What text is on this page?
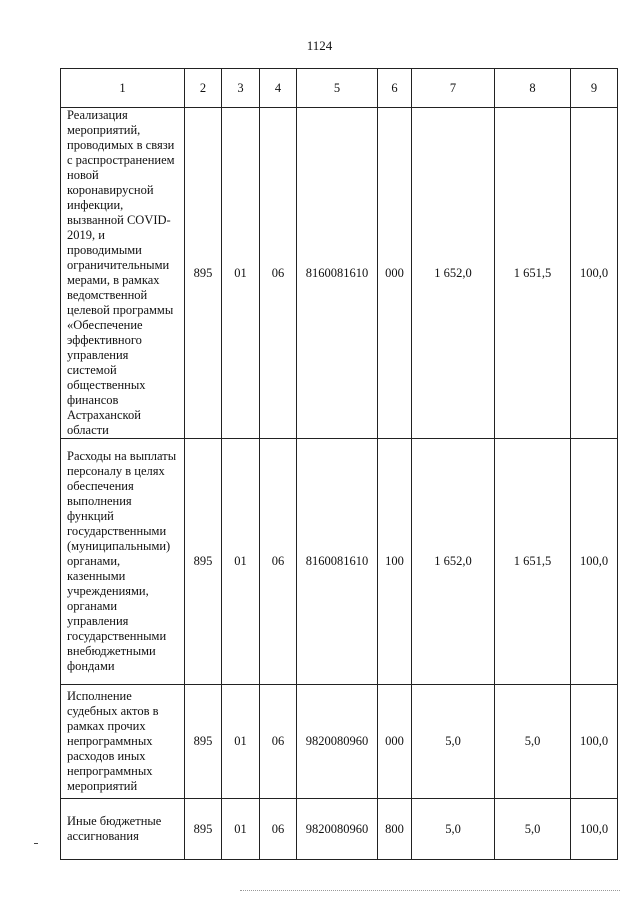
1124
1	2	3	4	5	6	7	8	9
Реализация мероприятий, проводимых в связи с распространением новой коронавирусной инфекции, вызванной COVID-2019, и проводимыми ограничительными мерами, в рамках ведомственной целевой программы «Обеспечение эффективного управления системой общественных финансов Астраханской области	895	01	06	8160081610	000	1 652,0	1 651,5	100,0
Расходы на выплаты персоналу в целях обеспечения выполнения функций государственными (муниципальными) органами, казенными учреждениями, органами управления государственными внебюджетными фондами	895	01	06	8160081610	100	1 652,0	1 651,5	100,0
Исполнение судебных актов в рамках прочих непрограммных расходов иных непрограммных мероприятий	895	01	06	9820080960	000	5,0	5,0	100,0
Иные бюджетные ассигнования	895	01	06	9820080960	800	5,0	5,0	100,0
